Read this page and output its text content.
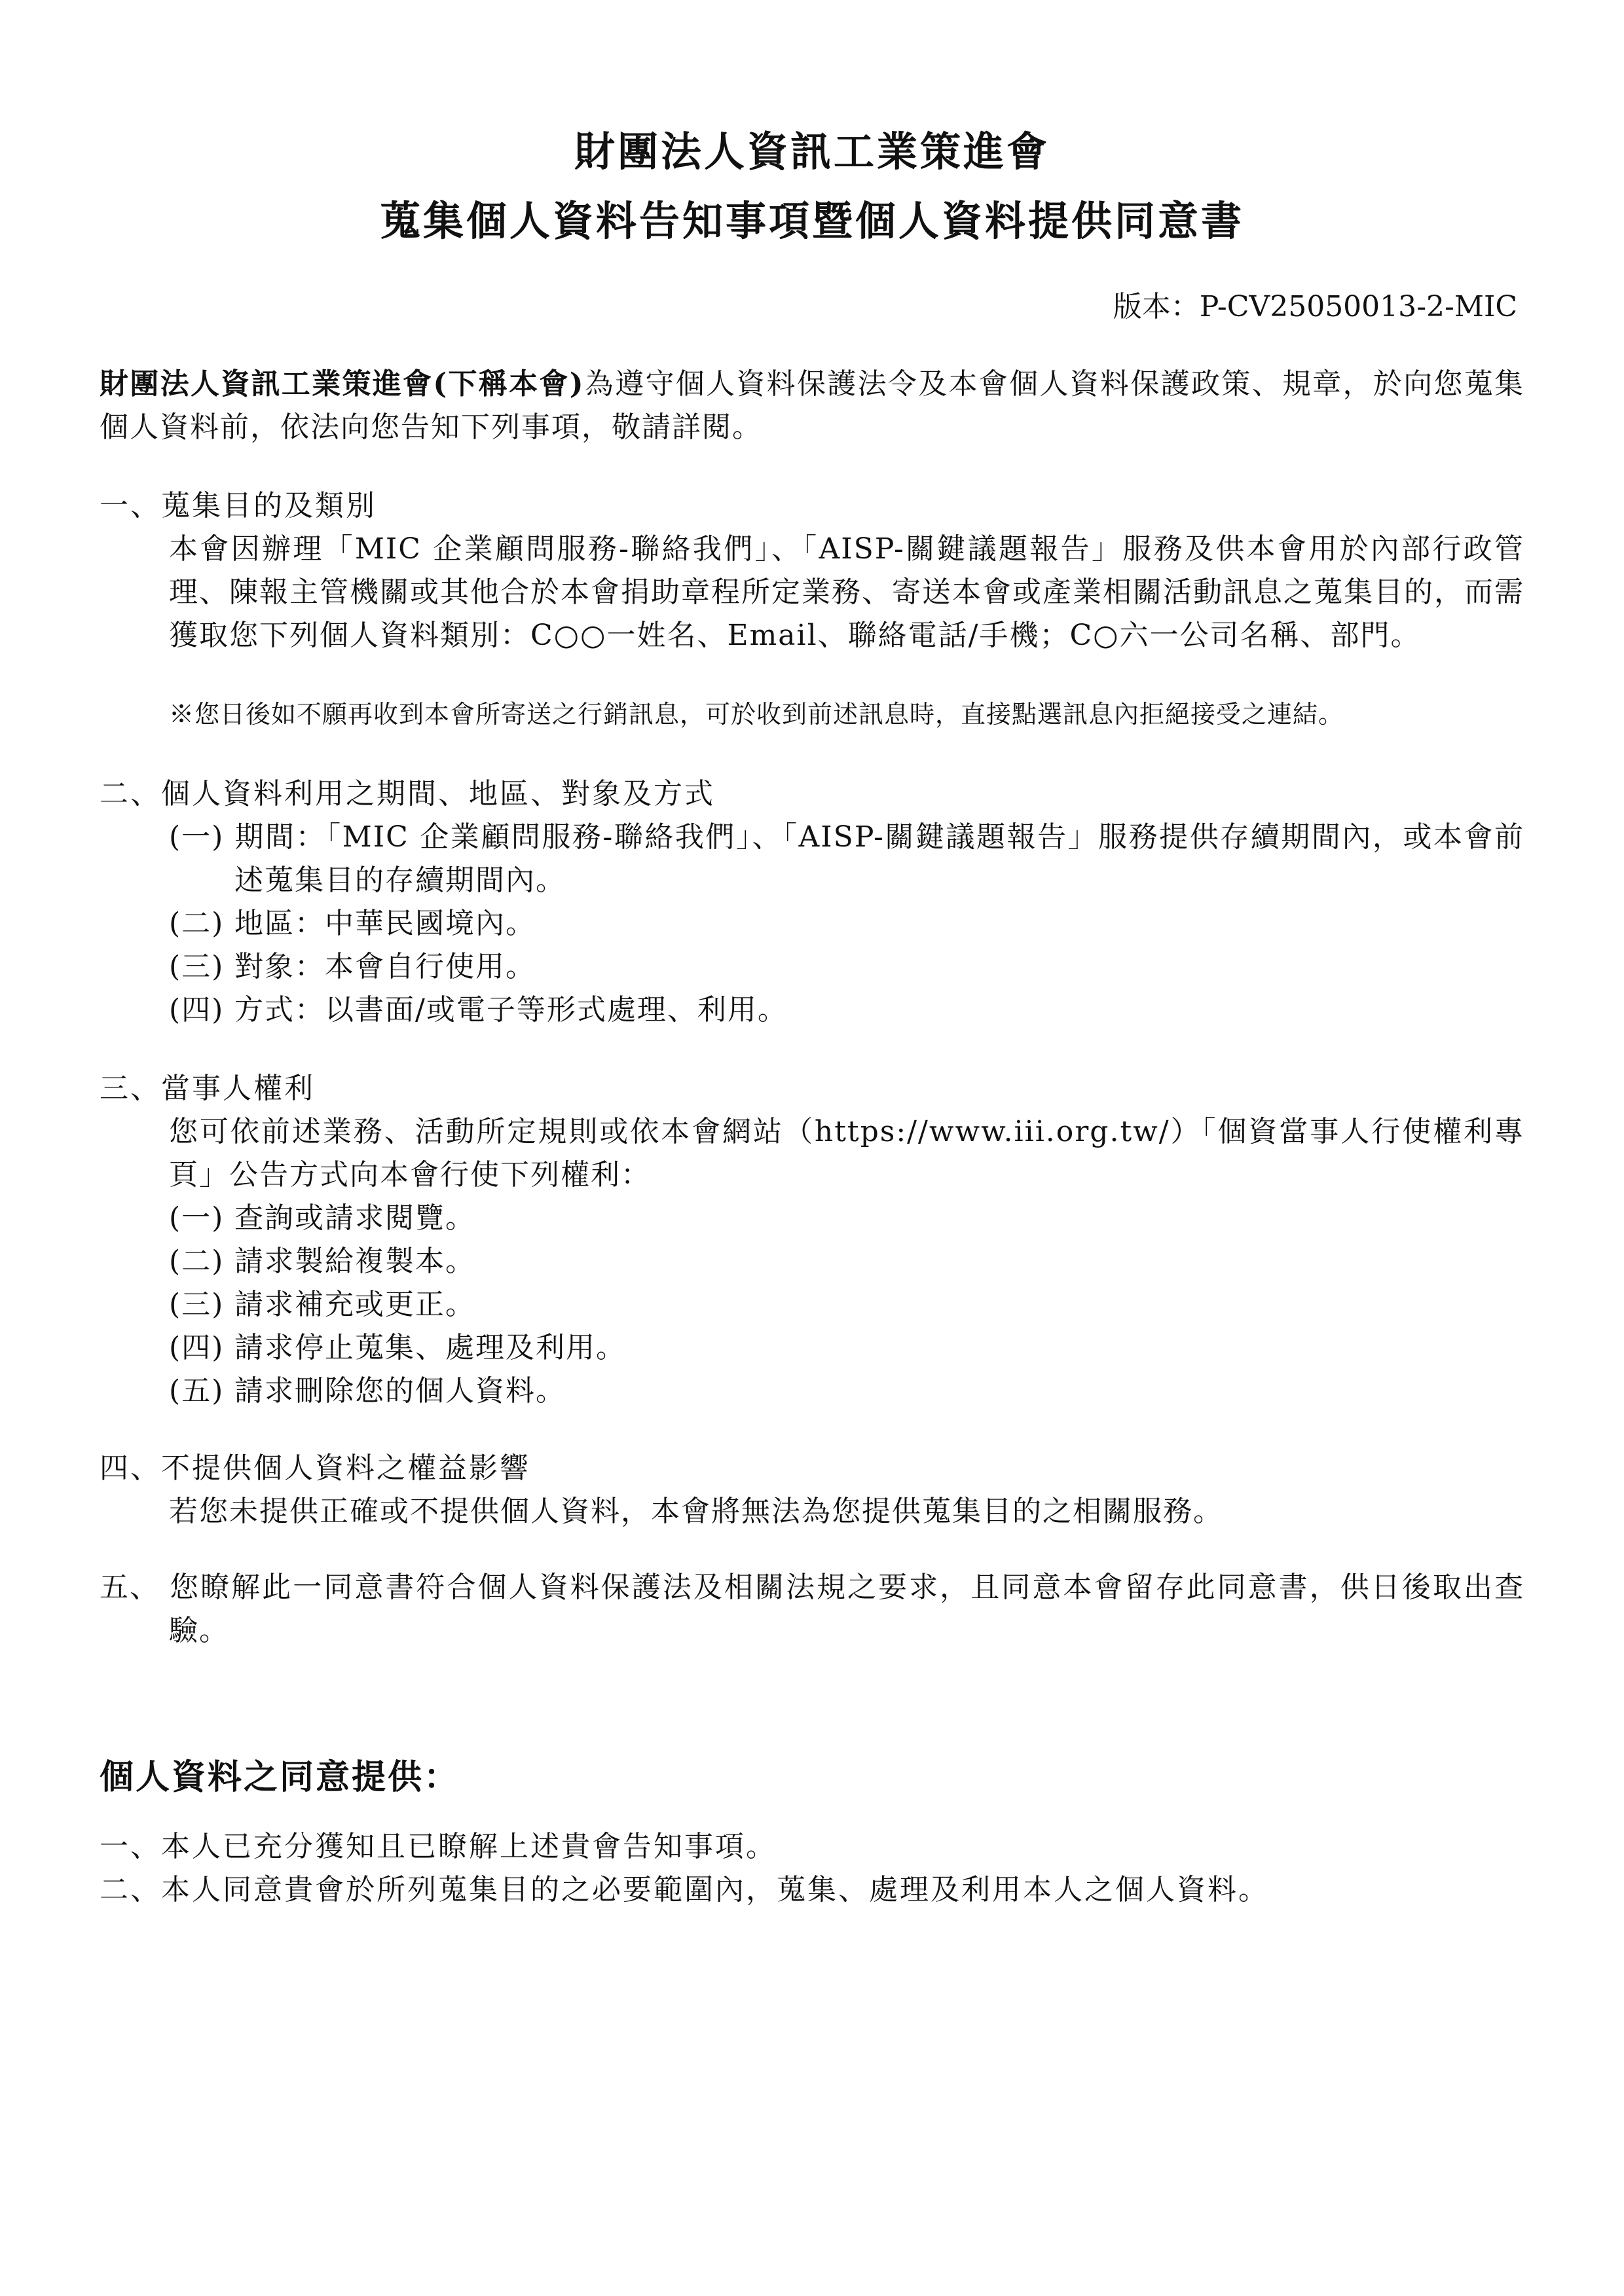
財團法人資訊工業策進會
蒐集個人資料告知事項暨個人資料提供同意書

版本：P-CV25050013-2-MIC

財團法人資訊工業策進會(下稱本會)為遵守個人資料保護法令及本會個人資料保護政策、規章，於向您蒐集個人資料前，依法向您告知下列事項，敬請詳閱。

一、蒐集目的及類別

本會因辦理「MIC 企業顧問服務-聯絡我們」、「AISP-關鍵議題報告」服務及供本會用於內部行政管理、陳報主管機關或其他合於本會捐助章程所定業務、寄送本會或產業相關活動訊息之蒐集目的，而需獲取您下列個人資料類別：C○○一姓名、Email、聯絡電話/手機；C○六一公司名稱、部門。

※您日後如不願再收到本會所寄送之行銷訊息，可於收到前述訊息時，直接點選訊息內拒絕接受之連結。

二、個人資料利用之期間、地區、對象及方式

(一) 期間：「MIC 企業顧問服務-聯絡我們」、「AISP-關鍵議題報告」服務提供存續期間內，或本會前述蒐集目的存續期間內。

(二) 地區：中華民國境內。

(三) 對象：本會自行使用。

(四) 方式：以書面/或電子等形式處理、利用。

三、當事人權利

您可依前述業務、活動所定規則或依本會網站（https://www.iii.org.tw/）「個資當事人行使權利專頁」公告方式向本會行使下列權利：

(一) 查詢或請求閱覽。

(二) 請求製給複製本。

(三) 請求補充或更正。

(四) 請求停止蒐集、處理及利用。

(五) 請求刪除您的個人資料。

四、不提供個人資料之權益影響

若您未提供正確或不提供個人資料，本會將無法為您提供蒐集目的之相關服務。

五、 您瞭解此一同意書符合個人資料保護法及相關法規之要求，且同意本會留存此同意書，供日後取出查驗。

個人資料之同意提供：

一、本人已充分獲知且已瞭解上述貴會告知事項。

二、本人同意貴會於所列蒐集目的之必要範圍內，蒐集、處理及利用本人之個人資料。
